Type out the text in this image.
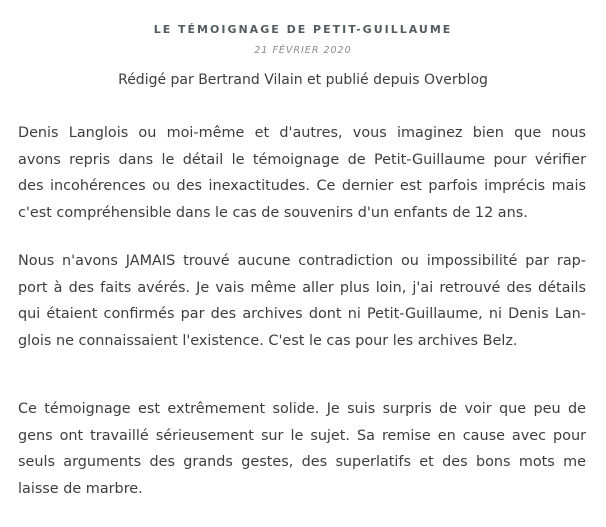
LE TÉMOIGNAGE DE PETIT-GUILLAUME
21 FÉVRIER 2020
Rédigé par Bertrand Vilain et publié depuis Overblog

Denis Langlois ou moi-même et d'autres, vous imaginez bien que nous
avons repris dans le détail le témoignage de Petit-Guillaume pour vérifier
des incohérences ou des inexactitudes. Ce dernier est parfois imprécis mais
c'est compréhensible dans le cas de souvenirs d'un enfants de 12 ans.

Nous n'avons JAMAIS trouvé aucune contradiction ou impossibilité par rap-
port à des faits avérés. Je vais même aller plus loin, j'ai retrouvé des détails
qui étaient confirmés par des archives dont ni Petit-Guillaume, ni Denis Lan-
glois ne connaissaient l'existence. C'est le cas pour les archives Belz.

Ce témoignage est extrêmement solide. Je suis surpris de voir que peu de
gens ont travaillé sérieusement sur le sujet. Sa remise en cause avec pour
seuls arguments des grands gestes, des superlatifs et des bons mots me
laisse de marbre.
